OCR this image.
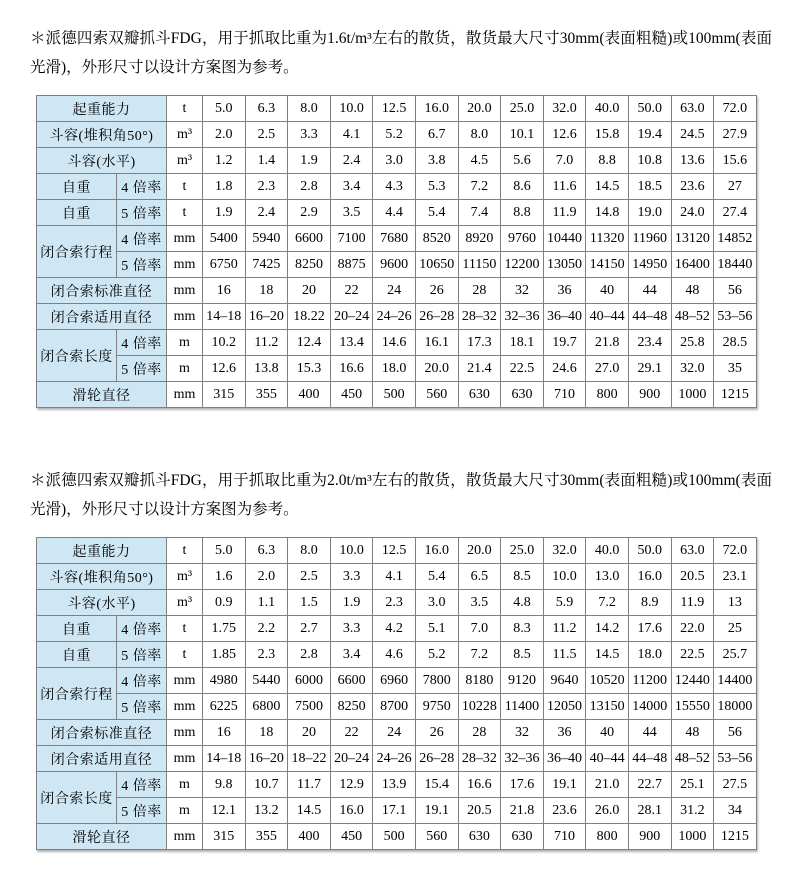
＊派德四索双瓣抓斗FDG，用于抓取比重为1.6t/m³左右的散货，散货最大尺寸30mm(表面粗糙)或100mm(表面光滑)，外形尺寸以设计方案图为参考。

起重能力		t	5.0	6.3	8.0	10.0	12.5	16.0	20.0	25.0	32.0	40.0	50.0	63.0	72.0
斗容(堆积角50°)		m³	2.0	2.5	3.3	4.1	5.2	6.7	8.0	10.1	12.6	15.8	19.4	24.5	27.9
斗容(水平)		m³	1.2	1.4	1.9	2.4	3.0	3.8	4.5	5.6	7.0	8.8	10.8	13.6	15.6
自重	4 倍率	t	1.8	2.3	2.8	3.4	4.3	5.3	7.2	8.6	11.6	14.5	18.5	23.6	27
自重	5 倍率	t	1.9	2.4	2.9	3.5	4.4	5.4	7.4	8.8	11.9	14.8	19.0	24.0	27.4
闭合索行程	4 倍率	mm	5400	5940	6600	7100	7680	8520	8920	9760	10440	11320	11960	13120	14852
	5 倍率	mm	6750	7425	8250	8875	9600	10650	11150	12200	13050	14150	14950	16400	18440
闭合索标准直径		mm	16	18	20	22	24	26	28	32	36	40	44	48	56
闭合索适用直径		mm	14–18	16–20	18.22	20–24	24–26	26–28	28–32	32–36	36–40	40–44	44–48	48–52	53–56
闭合索长度	4 倍率	m	10.2	11.2	12.4	13.4	14.6	16.1	17.3	18.1	19.7	21.8	23.4	25.8	28.5
	5 倍率	m	12.6	13.8	15.3	16.6	18.0	20.0	21.4	22.5	24.6	27.0	29.1	32.0	35
滑轮直径		mm	315	355	400	450	500	560	630	630	710	800	900	1000	1215

＊派德四索双瓣抓斗FDG，用于抓取比重为2.0t/m³左右的散货，散货最大尺寸30mm(表面粗糙)或100mm(表面光滑)，外形尺寸以设计方案图为参考。

起重能力		t	5.0	6.3	8.0	10.0	12.5	16.0	20.0	25.0	32.0	40.0	50.0	63.0	72.0
斗容(堆积角50°)		m³	1.6	2.0	2.5	3.3	4.1	5.4	6.5	8.5	10.0	13.0	16.0	20.5	23.1
斗容(水平)		m³	0.9	1.1	1.5	1.9	2.3	3.0	3.5	4.8	5.9	7.2	8.9	11.9	13
自重	4 倍率	t	1.75	2.2	2.7	3.3	4.2	5.1	7.0	8.3	11.2	14.2	17.6	22.0	25
自重	5 倍率	t	1.85	2.3	2.8	3.4	4.6	5.2	7.2	8.5	11.5	14.5	18.0	22.5	25.7
闭合索行程	4 倍率	mm	4980	5440	6000	6600	6960	7800	8180	9120	9640	10520	11200	12440	14400
	5 倍率	mm	6225	6800	7500	8250	8700	9750	10228	11400	12050	13150	14000	15550	18000
闭合索标准直径		mm	16	18	20	22	24	26	28	32	36	40	44	48	56
闭合索适用直径		mm	14–18	16–20	18–22	20–24	24–26	26–28	28–32	32–36	36–40	40–44	44–48	48–52	53–56
闭合索长度	4 倍率	m	9.8	10.7	11.7	12.9	13.9	15.4	16.6	17.6	19.1	21.0	22.7	25.1	27.5
	5 倍率	m	12.1	13.2	14.5	16.0	17.1	19.1	20.5	21.8	23.6	26.0	28.1	31.2	34
滑轮直径		mm	315	355	400	450	500	560	630	630	710	800	900	1000	1215
